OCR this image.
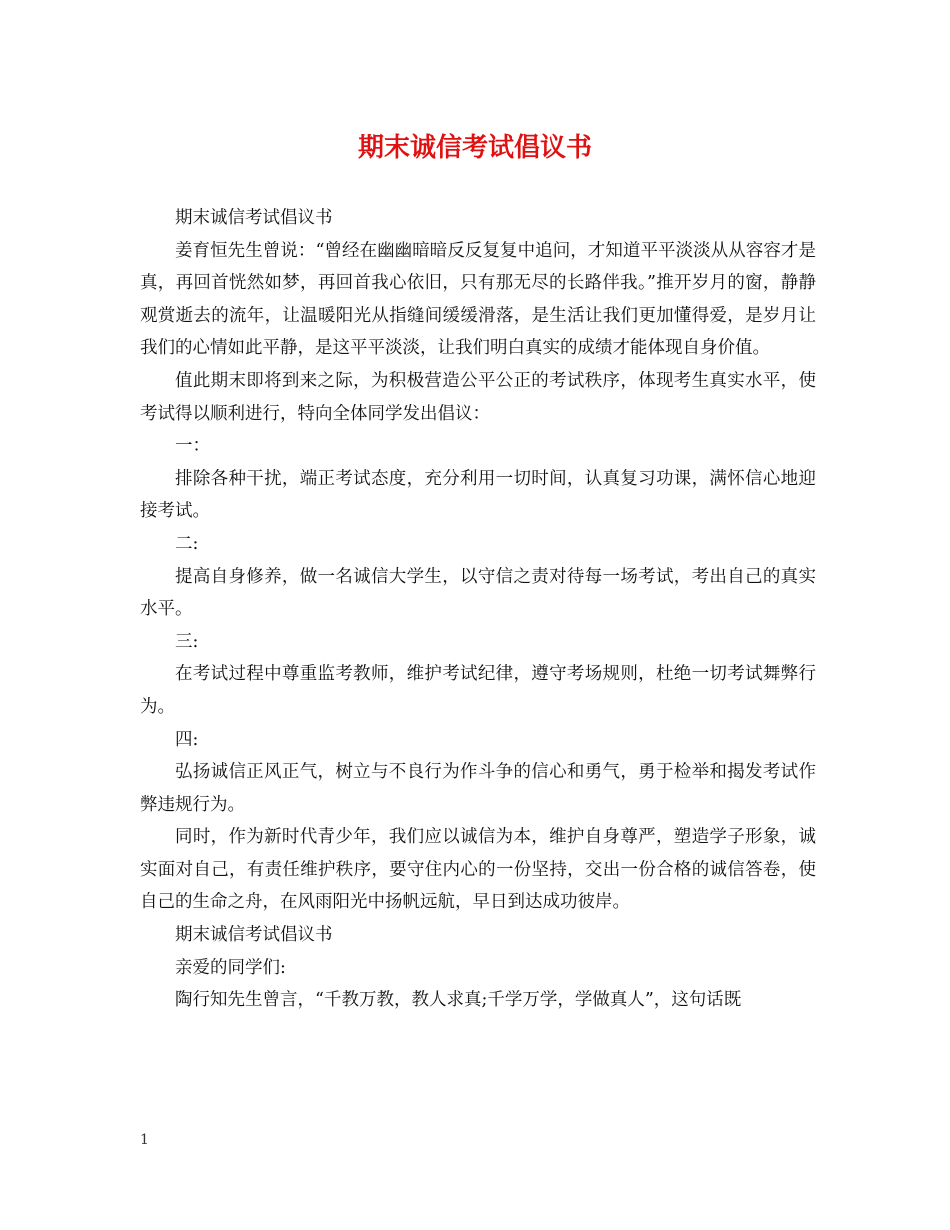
期末诚信考试倡议书

期末诚信考试倡议书

姜育恒先生曾说：“曾经在幽幽暗暗反反复复中追问，才知道平平淡淡从从容容才是真，再回首恍然如梦，再回首我心依旧，只有那无尽的长路伴我。”推开岁月的窗，静静观赏逝去的流年，让温暖阳光从指缝间缓缓滑落，是生活让我们更加懂得爱，是岁月让我们的心情如此平静，是这平平淡淡，让我们明白真实的成绩才能体现自身价值。

值此期末即将到来之际，为积极营造公平公正的考试秩序，体现考生真实水平，使考试得以顺利进行，特向全体同学发出倡议：

一：

排除各种干扰，端正考试态度，充分利用一切时间，认真复习功课，满怀信心地迎接考试。

二:

提高自身修养，做一名诚信大学生，以守信之责对待每一场考试，考出自己的真实水平。

三:

在考试过程中尊重监考教师，维护考试纪律，遵守考场规则，杜绝一切考试舞弊行为。

四:

弘扬诚信正风正气，树立与不良行为作斗争的信心和勇气，勇于检举和揭发考试作弊违规行为。

同时，作为新时代青少年，我们应以诚信为本，维护自身尊严，塑造学子形象，诚实面对自己，有责任维护秩序，要守住内心的一份坚持，交出一份合格的诚信答卷，使自己的生命之舟，在风雨阳光中扬帆远航，早日到达成功彼岸。

期末诚信考试倡议书

亲爱的同学们:

陶行知先生曾言，“千教万教，教人求真;千学万学，学做真人”，这句话既

1
